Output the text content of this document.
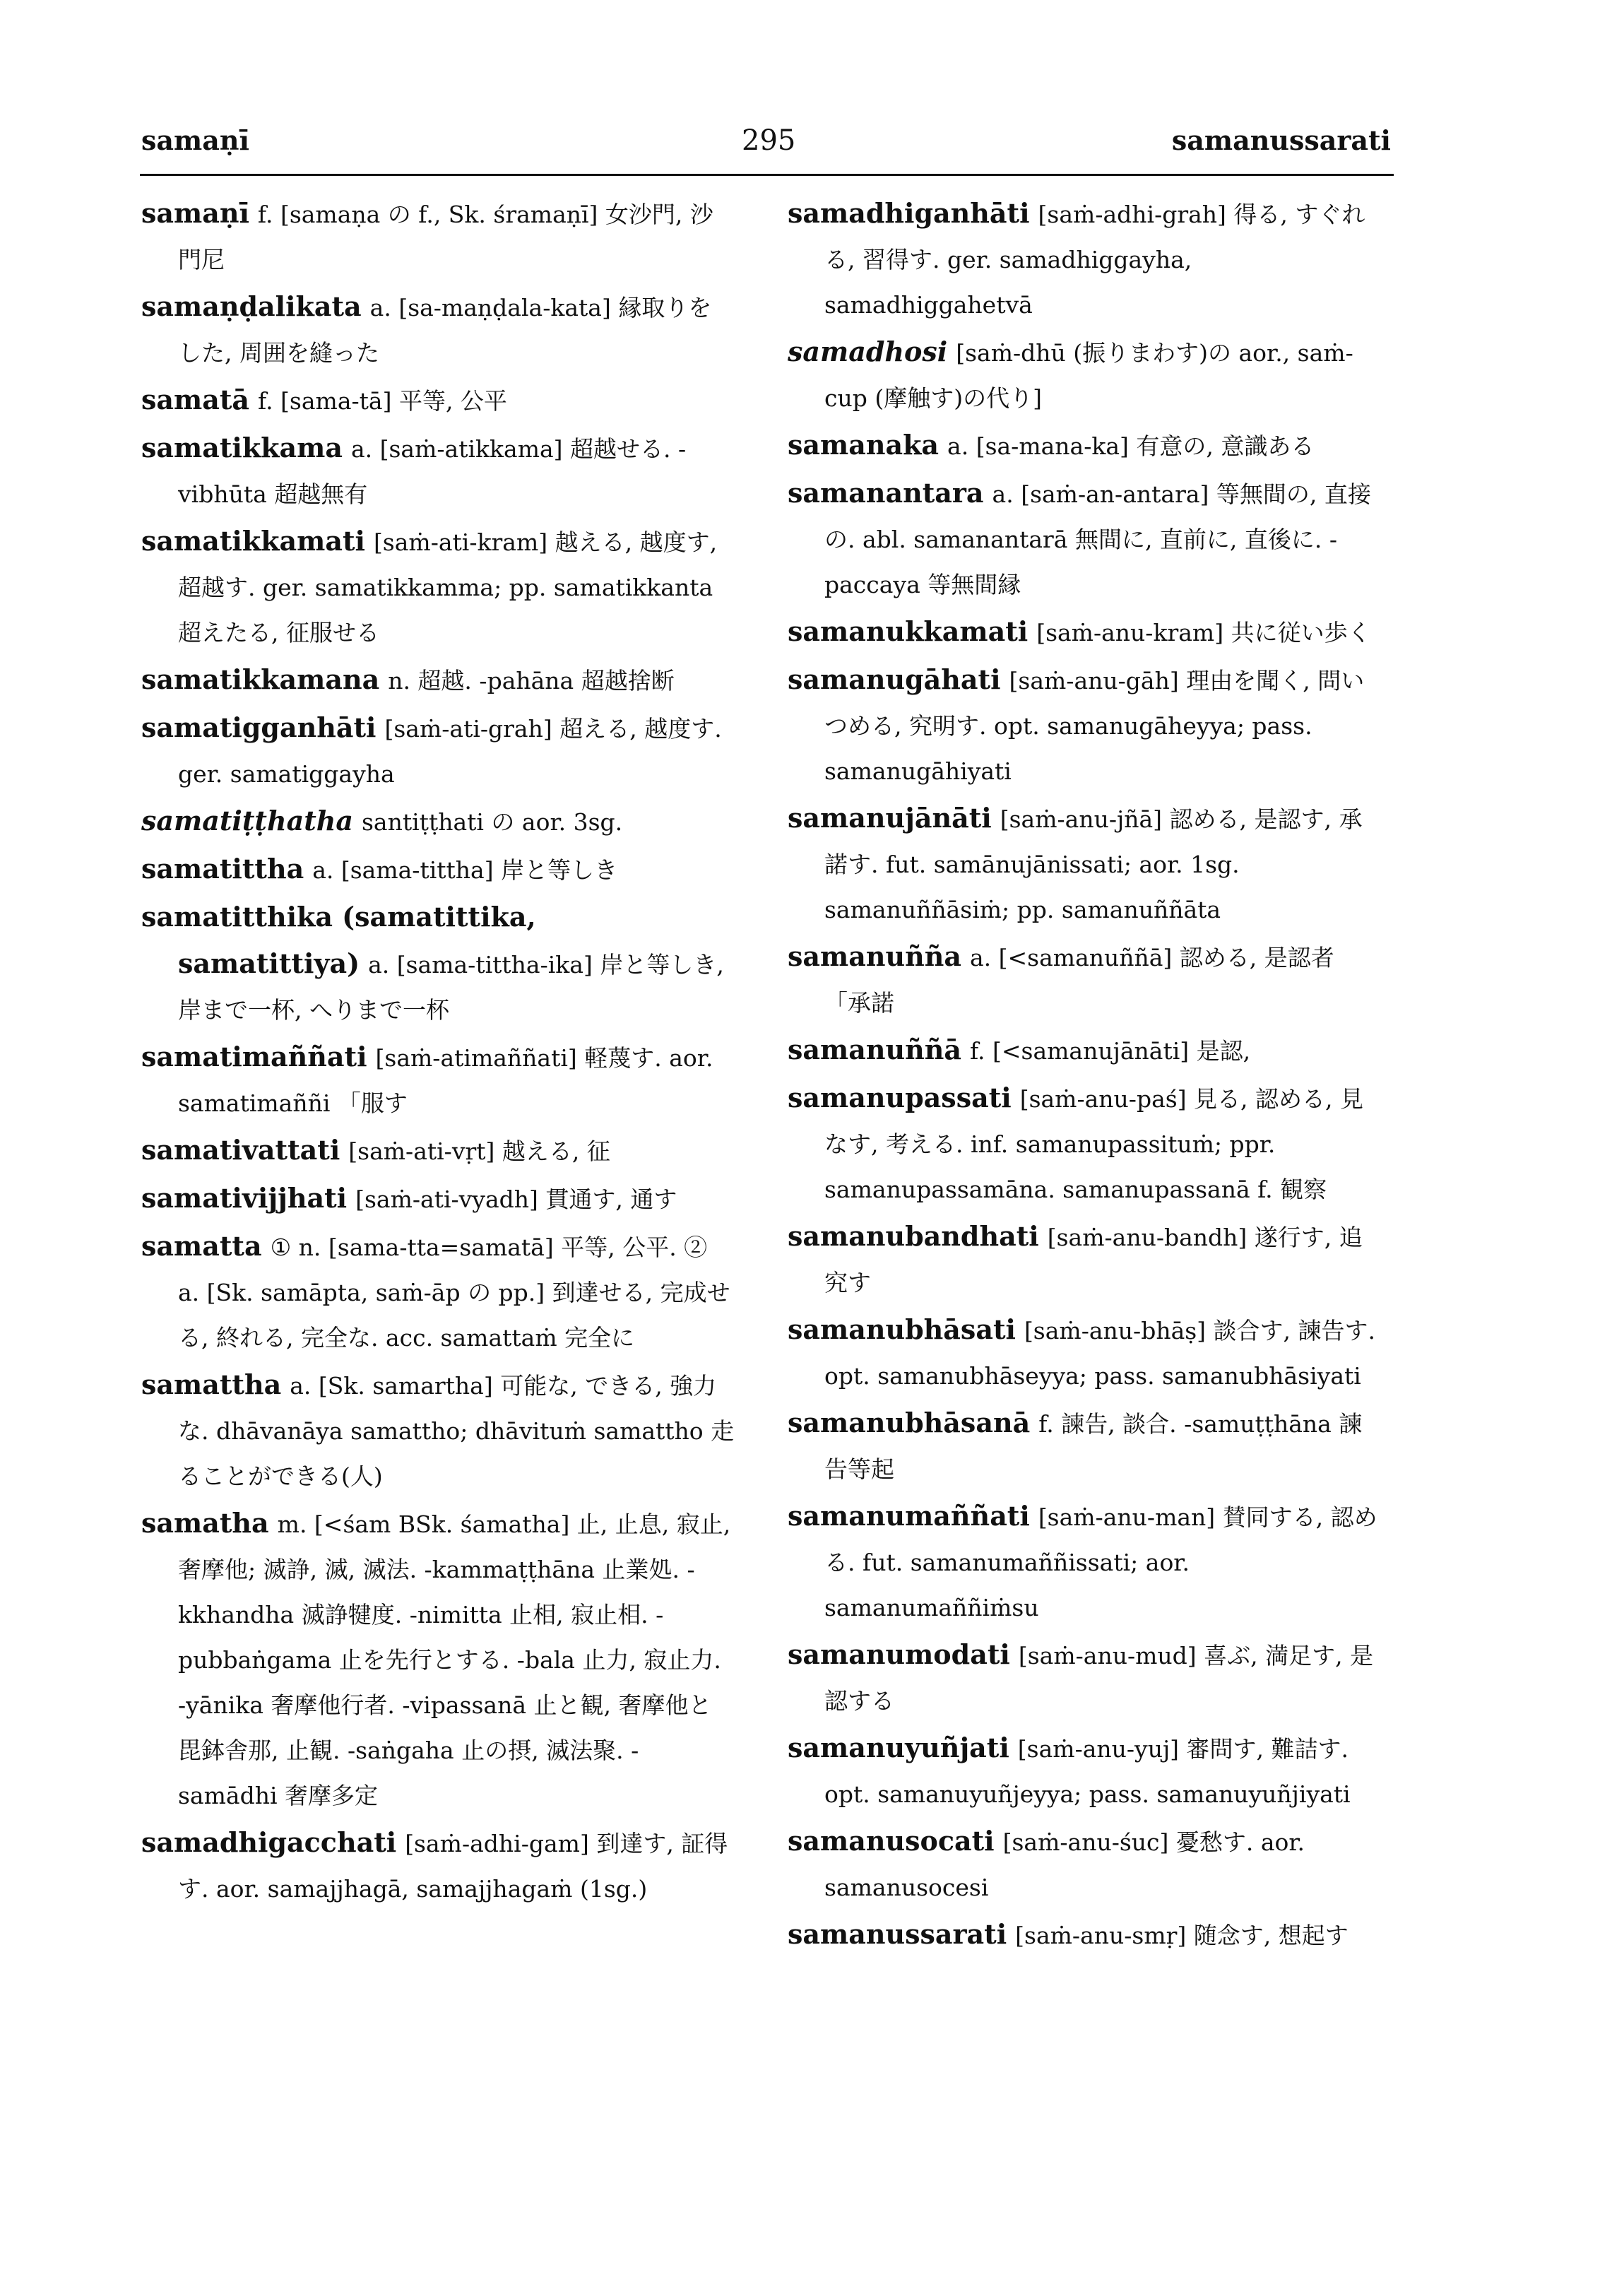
samaṇī	295	samanussarati
samaṇī f. [samaṇa の f., Sk. śramaṇī] 女沙門, 沙門尼
samaṇḍalikata a. [sa-maṇḍala-kata] 縁取りをした, 周囲を縫った
samatā f. [sama-tā] 平等, 公平
samatikkama a. [saṁ-atikkama] 超越せる. -vibhūta 超越無有
samatikkamati [saṁ-ati-kram] 越える, 越度す, 超越す. ger. samatikkamma; pp. samatikkanta 超えたる, 征服せる
samatikkamana n. 超越. -pahāna 超越捨断
samatigganhāti [saṁ-ati-grah] 超える, 越度す. ger. samatiggayha
samatiṭṭhatha santiṭṭhati の aor. 3sg.
samatittha a. [sama-tittha] 岸と等しき
samatitthika (samatittika, samatittiya) a. [sama-tittha-ika] 岸と等しき, 岸まで一杯, へりまで一杯
samatimaññati [saṁ-atimaññati] 軽蔑す. aor. samatimaññi 「服す
samativattati [saṁ-ati-vṛt] 越える, 征
samativijjhati [saṁ-ati-vyadh] 貫通す, 通す
samatta ① n. [sama-tta=samatā] 平等, 公平. ② a. [Sk. samāpta, saṁ-āp の pp.] 到達せる, 完成せる, 終れる, 完全な. acc. samattaṁ 完全に
samattha a. [Sk. samartha] 可能な, できる, 強力な. dhāvanāya samattho; dhāvituṁ samattho 走ることができる(人)
samatha m. [<śam BSk. śamatha] 止, 止息, 寂止, 奢摩他; 滅諍, 滅, 滅法. -kammaṭṭhāna 止業処. -kkhandha 滅諍犍度. -nimitta 止相, 寂止相. -pubbaṅgama 止を先行とする. -bala 止力, 寂止力. -yānika 奢摩他行者. -vipassanā 止と観, 奢摩他と毘鉢舎那, 止観. -saṅgaha 止の摂, 滅法聚. -samādhi 奢摩多定
samadhigacchati [saṁ-adhi-gam] 到達す, 証得す. aor. samajjhagā, samajjhagaṁ (1sg.)
samadhiganhāti [saṁ-adhi-grah] 得る, すぐれる, 習得す. ger. samadhiggayha, samadhiggahetvā
samadhosi [saṁ-dhū (振りまわす)の aor., saṁ-cup (摩触す)の代り]
samanaka a. [sa-mana-ka] 有意の, 意識ある
samanantara a. [saṁ-an-antara] 等無間の, 直接の. abl. samanantarā 無間に, 直前に, 直後に. -paccaya 等無間縁
samanukkamati [saṁ-anu-kram] 共に従い歩く
samanugāhati [saṁ-anu-gāh] 理由を聞く, 問いつめる, 究明す. opt. samanugāheyya; pass. samanugāhiyati
samanujānāti [saṁ-anu-jñā] 認める, 是認す, 承諾す. fut. samānujānissati; aor. 1sg. samanuññāsiṁ; pp. samanuññāta
samanuñña a. [<samanuññā] 認める, 是認者 「承諾
samanuññā f. [<samanujānāti] 是認,
samanupassati [saṁ-anu-paś] 見る, 認める, 見なす, 考える. inf. samanupassituṁ; ppr. samanupassamāna. samanupassanā f. 観察
samanubandhati [saṁ-anu-bandh] 遂行す, 追究す
samanubhāsati [saṁ-anu-bhāṣ] 談合す, 諫告す. opt. samanubhāseyya; pass. samanubhāsiyati
samanubhāsanā f. 諫告, 談合. -samuṭṭhāna 諫告等起
samanumaññati [saṁ-anu-man] 賛同する, 認める. fut. samanumaññissati; aor. samanumaññiṁsu
samanumodati [saṁ-anu-mud] 喜ぶ, 満足す, 是認する
samanuyuñjati [saṁ-anu-yuj] 審問す, 難詰す. opt. samanuyuñjeyya; pass. samanuyuñjiyati
samanusocati [saṁ-anu-śuc] 憂愁す. aor. samanusocesi
samanussarati [saṁ-anu-smṛ] 随念す, 想起す
